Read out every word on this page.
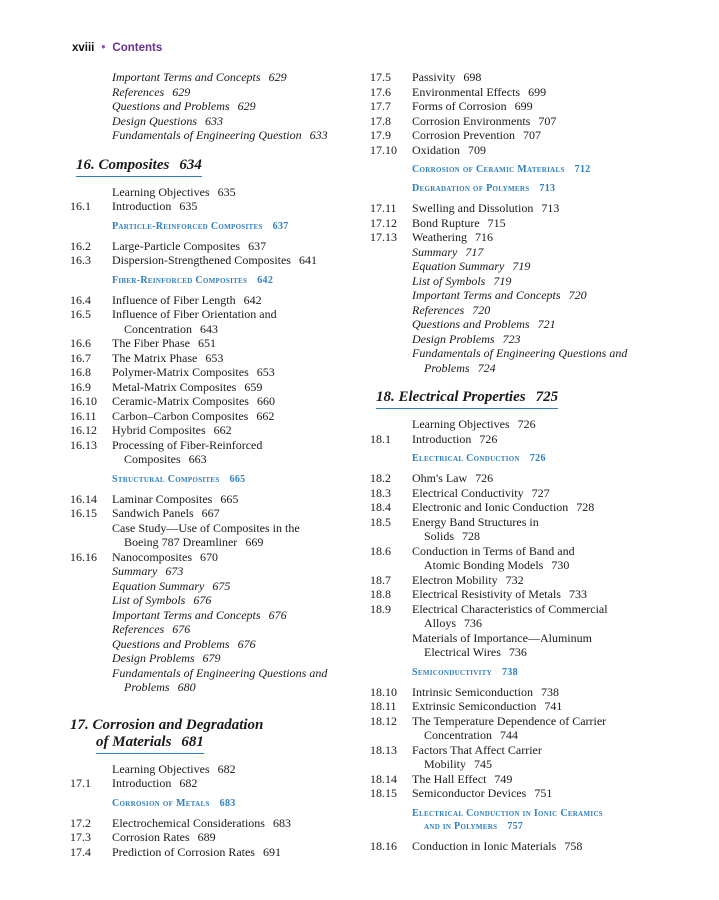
xviii • Contents
Important Terms and Concepts 629
References 629
Questions and Problems 629
Design Questions 633
Fundamentals of Engineering Question 633
16. Composites 634
Learning Objectives 635
16.1	Introduction 635
Particle-Reinforced Composites 637
16.2	Large-Particle Composites 637
16.3	Dispersion-Strengthened Composites 641
Fiber-Reinforced Composites 642
16.4	Influence of Fiber Length 642
16.5	Influence of Fiber Orientation and
Concentration 643
16.6	The Fiber Phase 651
16.7	The Matrix Phase 653
16.8	Polymer-Matrix Composites 653
16.9	Metal-Matrix Composites 659
16.10	Ceramic-Matrix Composites 660
16.11	Carbon–Carbon Composites 662
16.12	Hybrid Composites 662
16.13	Processing of Fiber-Reinforced
Composites 663
Structural Composites 665
16.14	Laminar Composites 665
16.15	Sandwich Panels 667
Case Study—Use of Composites in the
Boeing 787 Dreamliner 669
16.16	Nanocomposites 670
Summary 673
Equation Summary 675
List of Symbols 676
Important Terms and Concepts 676
References 676
Questions and Problems 676
Design Problems 679
Fundamentals of Engineering Questions and
Problems 680
17. Corrosion and Degradation
of Materials 681
Learning Objectives 682
17.1	Introduction 682
Corrosion of Metals 683
17.2	Electrochemical Considerations 683
17.3	Corrosion Rates 689
17.4	Prediction of Corrosion Rates 691
17.5	Passivity 698
17.6	Environmental Effects 699
17.7	Forms of Corrosion 699
17.8	Corrosion Environments 707
17.9	Corrosion Prevention 707
17.10	Oxidation 709
Corrosion of Ceramic Materials 712
Degradation of Polymers 713
17.11	Swelling and Dissolution 713
17.12	Bond Rupture 715
17.13	Weathering 716
Summary 717
Equation Summary 719
List of Symbols 719
Important Terms and Concepts 720
References 720
Questions and Problems 721
Design Problems 723
Fundamentals of Engineering Questions and
Problems 724
18. Electrical Properties 725
Learning Objectives 726
18.1	Introduction 726
Electrical Conduction 726
18.2	Ohm's Law 726
18.3	Electrical Conductivity 727
18.4	Electronic and Ionic Conduction 728
18.5	Energy Band Structures in
Solids 728
18.6	Conduction in Terms of Band and
Atomic Bonding Models 730
18.7	Electron Mobility 732
18.8	Electrical Resistivity of Metals 733
18.9	Electrical Characteristics of Commercial
Alloys 736
Materials of Importance—Aluminum
Electrical Wires 736
Semiconductivity 738
18.10	Intrinsic Semiconduction 738
18.11	Extrinsic Semiconduction 741
18.12	The Temperature Dependence of Carrier
Concentration 744
18.13	Factors That Affect Carrier
Mobility 745
18.14	The Hall Effect 749
18.15	Semiconductor Devices 751
Electrical Conduction in Ionic Ceramics
and in Polymers 757
18.16	Conduction in Ionic Materials 758
